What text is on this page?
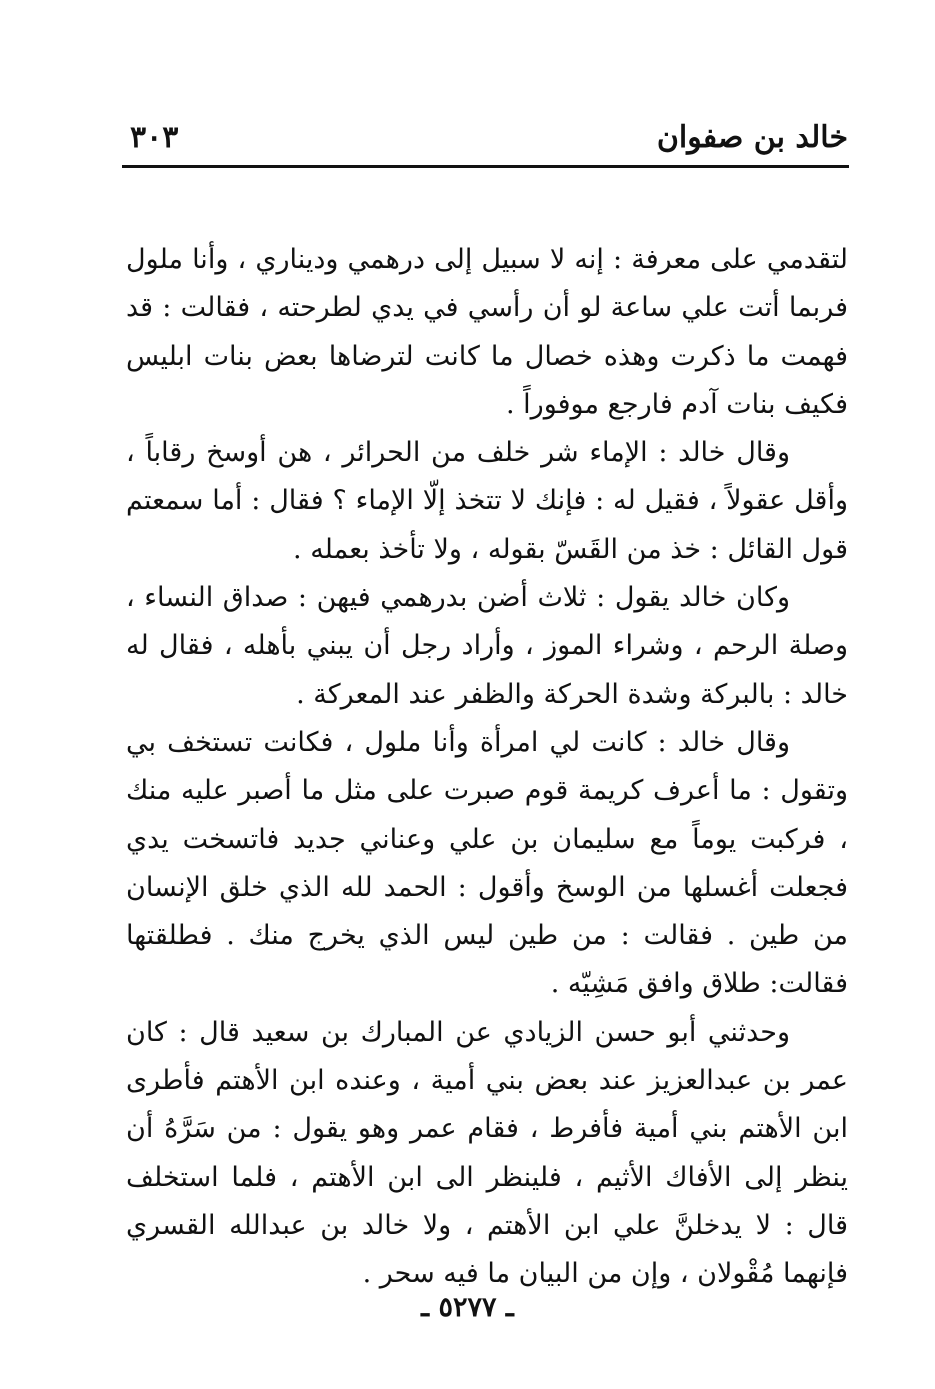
خالد بن صفوان
٣٠٣

لتقدمي على معرفة : إنه لا سبيل إلى درهمي وديناري ، وأنا ملول فربما أتت علي ساعة لو أن رأسي في يدي لطرحته ، فقالت : قد فهمت ما ذكرت وهذه خصال ما كانت لترضاها بعض بنات ابليس فكيف بنات آدم فارجع موفوراً .

وقال خالد : الإماء شر خلف من الحرائر ، هن أوسخ رقاباً ، وأقل عقولاً ، فقيل له : فإنك لا تتخذ إلّا الإماء ؟ فقال : أما سمعتم قول القائل : خذ من القَسّ بقوله ، ولا تأخذ بعمله .

وكان خالد يقول : ثلاث أضن بدرهمي فيهن : صداق النساء ، وصلة الرحم ، وشراء الموز ، وأراد رجل أن يبني بأهله ، فقال له خالد : بالبركة وشدة الحركة والظفر عند المعركة .

وقال خالد : كانت لي امرأة وأنا ملول ، فكانت تستخف بي وتقول : ما أعرف كريمة قوم صبرت على مثل ما أصبر عليه منك ، فركبت يوماً مع سليمان بن علي وعناني جديد فاتسخت يدي فجعلت أغسلها من الوسخ وأقول : الحمد لله الذي خلق الإنسان من طين . فقالت : من طين ليس الذي يخرج منك . فطلقتها فقالت: طلاق وافق مَشِيّه .

وحدثني أبو حسن الزيادي عن المبارك بن سعيد قال : كان عمر بن عبدالعزيز عند بعض بني أمية ، وعنده ابن الأهتم فأطرى ابن الأهتم بني أمية فأفرط ، فقام عمر وهو يقول : من سَرَّهُ أن ينظر إلى الأفاك الأثيم ، فلينظر الى ابن الأهتم ، فلما استخلف قال : لا يدخلنَّ علي ابن الأهتم ، ولا خالد بن عبدالله القسري فإنهما مُقْولان ، وإن من البيان ما فيه سحر .

ـ ٥٢٧٧ ـ
